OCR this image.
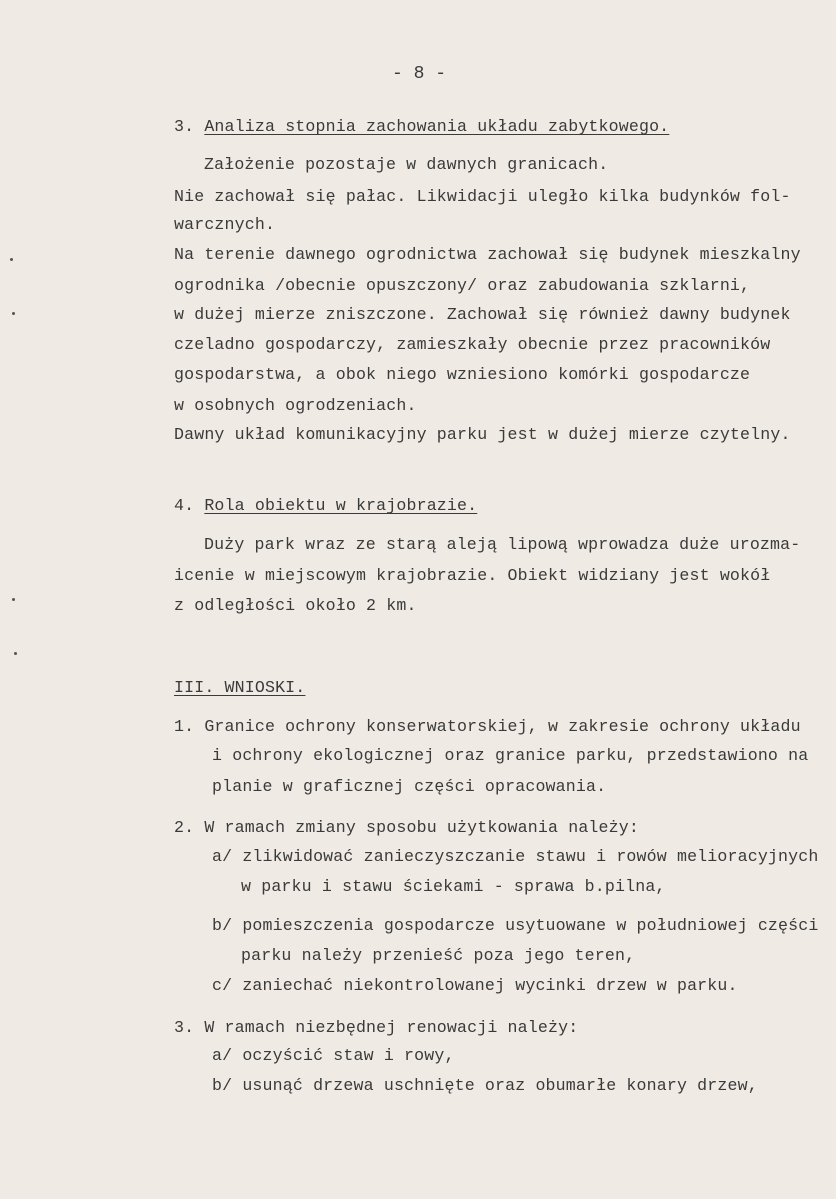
- 8 -
3. Analiza stopnia zachowania układu zabytkowego.
Założenie pozostaje w dawnych granicach.
Nie zachował się pałac. Likwidacji uległo kilka budynków fol-
warcznych.
Na terenie dawnego ogrodnictwa zachował się budynek mieszkalny
ogrodnika /obecnie opuszczony/ oraz zabudowania szklarni,
w dużej mierze zniszczone. Zachował się również dawny budynek
czeladno gospodarczy, zamieszkały obecnie przez pracowników
gospodarstwa, a obok niego wzniesiono komórki gospodarcze
w osobnych ogrodzeniach.
Dawny układ komunikacyjny parku jest w dużej mierze czytelny.
4. Rola obiektu w krajobrazie.
Duży park wraz ze starą aleją lipową wprowadza duże urozma-
icenie w miejscowym krajobrazie. Obiekt widziany jest wokół
z odległości około 2 km.
III. WNIOSKI.
1. Granice ochrony konserwatorskiej, w zakresie ochrony układu
i ochrony ekologicznej oraz granice parku, przedstawiono na
planie w graficznej części opracowania.
2. W ramach zmiany sposobu użytkowania należy:
a/ zlikwidować zanieczyszczanie stawu i rowów melioracyjnych
w parku i stawu ściekami - sprawa b.pilna,
b/ pomieszczenia gospodarcze usytuowane w południowej części
parku należy przenieść poza jego teren,
c/ zaniechać niekontrolowanej wycinki drzew w parku.
3. W ramach niezbędnej renowacji należy:
a/ oczyścić staw i rowy,
b/ usunąć drzewa uschnięte oraz obumarłe konary drzew,
